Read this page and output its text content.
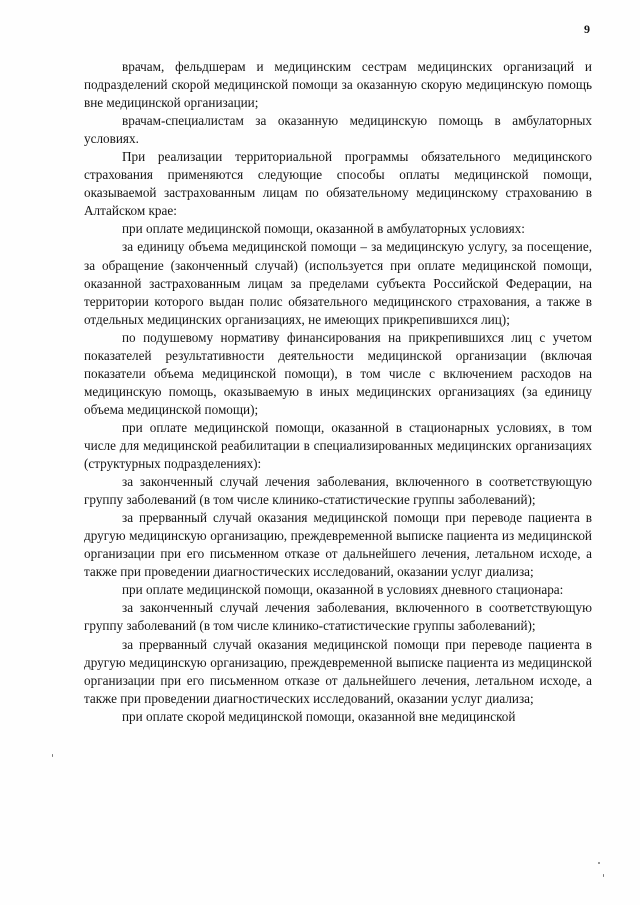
9

врачам, фельдшерам и медицинским сестрам медицинских организаций и подразделений скорой медицинской помощи за оказанную скорую медицинскую помощь вне медицинской организации;

врачам-специалистам за оказанную медицинскую помощь в амбулаторных условиях.

При реализации территориальной программы обязательного медицинского страхования применяются следующие способы оплаты медицинской помощи, оказываемой застрахованным лицам по обязательному медицинскому страхованию в Алтайском крае:

при оплате медицинской помощи, оказанной в амбулаторных условиях:

за единицу объема медицинской помощи – за медицинскую услугу, за посещение, за обращение (законченный случай) (используется при оплате медицинской помощи, оказанной застрахованным лицам за пределами субъекта Российской Федерации, на территории которого выдан полис обязательного медицинского страхования, а также в отдельных медицинских организациях, не имеющих прикрепившихся лиц);

по подушевому нормативу финансирования на прикрепившихся лиц с учетом показателей результативности деятельности медицинской организации (включая показатели объема медицинской помощи), в том числе с включением расходов на медицинскую помощь, оказываемую в иных медицинских организациях (за единицу объема медицинской помощи);

при оплате медицинской помощи, оказанной в стационарных условиях, в том числе для медицинской реабилитации в специализированных медицинских организациях (структурных подразделениях):

за законченный случай лечения заболевания, включенного в соответствующую группу заболеваний (в том числе клинико-статистические группы заболеваний);

за прерванный случай оказания медицинской помощи при переводе пациента в другую медицинскую организацию, преждевременной выписке пациента из медицинской организации при его письменном отказе от дальнейшего лечения, летальном исходе, а также при проведении диагностических исследований, оказании услуг диализа;

при оплате медицинской помощи, оказанной в условиях дневного стационара:

за законченный случай лечения заболевания, включенного в соответствующую группу заболеваний (в том числе клинико-статистические группы заболеваний);

за прерванный случай оказания медицинской помощи при переводе пациента в другую медицинскую организацию, преждевременной выписке пациента из медицинской организации при его письменном отказе от дальнейшего лечения, летальном исходе, а также при проведении диагностических исследований, оказании услуг диализа;

при оплате скорой медицинской помощи, оказанной вне медицинской
